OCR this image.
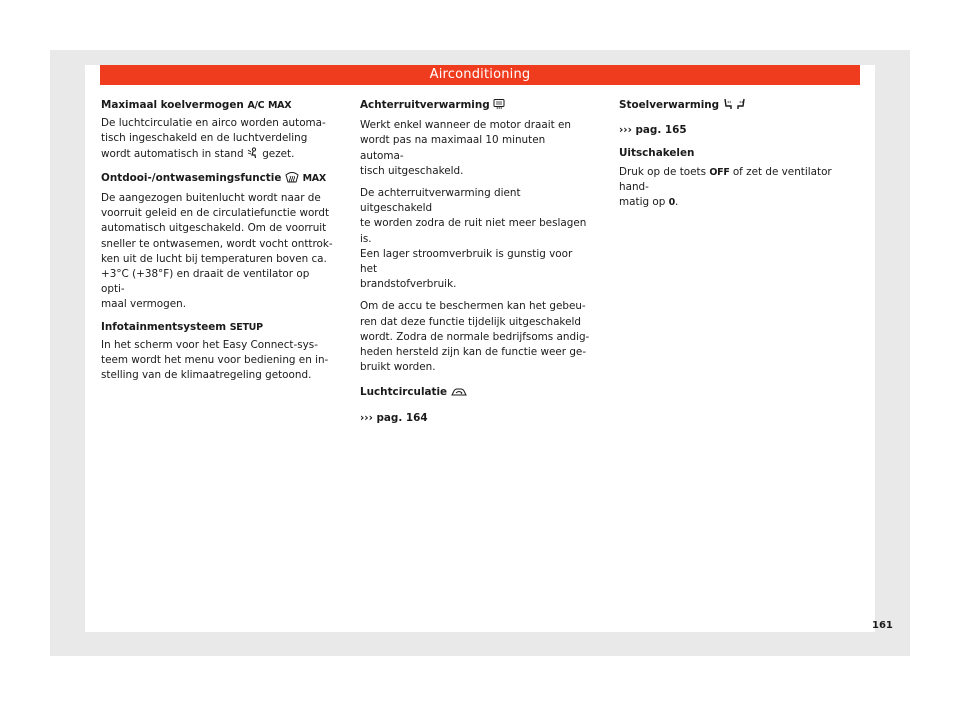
Airconditioning
Maximaal koelvermogen A/C MAX
De luchtcirculatie en airco worden automa-
tisch ingeschakeld en de luchtverdeling
wordt automatisch in stand gezet.
Ontdooi-/ontwasemingsfunctie MAX
De aangezogen buitenlucht wordt naar de
voorruit geleid en de circulatiefunctie wordt
automatisch uitgeschakeld. Om de voorruit
sneller te ontwasemen, wordt vocht onttrok-
ken uit de lucht bij temperaturen boven ca.
+3°C (+38°F) en draait de ventilator op opti-
maal vermogen.
Infotainmentsysteem SETUP
In het scherm voor het Easy Connect-sys-
teem wordt het menu voor bediening en in-
stelling van de klimaatregeling getoond.
Achterruitverwarming
Werkt enkel wanneer de motor draait en
wordt pas na maximaal 10 minuten automa-
tisch uitgeschakeld.
De achterruitverwarming dient uitgeschakeld
te worden zodra de ruit niet meer beslagen is.
Een lager stroomverbruik is gunstig voor het
brandstofverbruik.
Om de accu te beschermen kan het gebeu-
ren dat deze functie tijdelijk uitgeschakeld
wordt. Zodra de normale bedrijfsoms andig-
heden hersteld zijn kan de functie weer ge-
bruikt worden.
Luchtcirculatie
››› pag. 164
Stoelverwarming
››› pag. 165
Uitschakelen
Druk op de toets OFF of zet de ventilator hand-
matig op 0.
161
